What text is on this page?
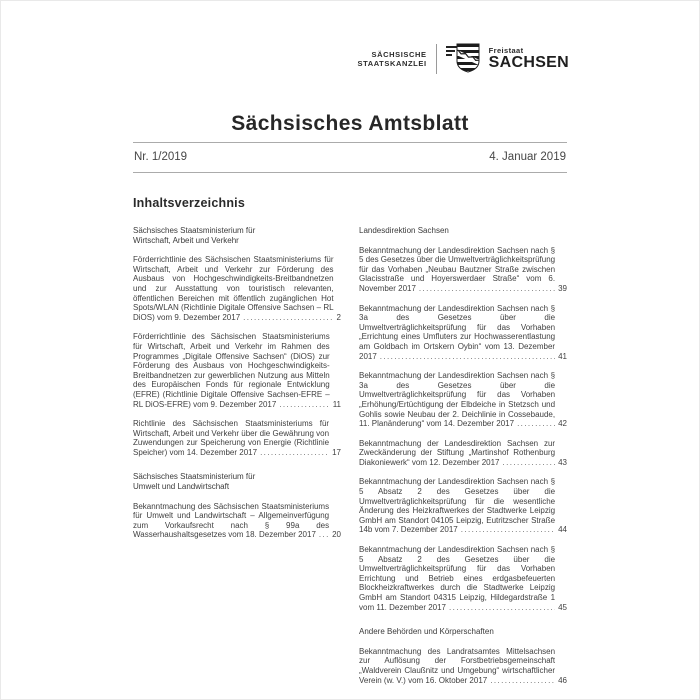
SÄCHSISCHE
STAATSKANZLEI
Freistaat
SACHSEN
Sächsisches Amtsblatt
Nr. 1/2019	4. Januar 2019
Inhaltsverzeichnis
Sächsisches Staatsministerium für
Wirtschaft, Arbeit und Verkehr
Förderrichtlinie des Sächsischen Staatsministeriums für Wirtschaft, Arbeit und Verkehr zur Förderung des Ausbaus von Hochgeschwindigkeits-Breitbandnetzen und zur Ausstattung von touristisch relevanten, öffentlichen Bereichen mit öffentlich zugänglichen Hot Spots/WLAN (Richtlinie Digitale Offensive Sachsen – RL DiOS) vom 9. Dezember 2017 .....	2
Förderrichtlinie des Sächsischen Staatsministeriums für Wirtschaft, Arbeit und Verkehr im Rahmen des Programmes „Digitale Offensive Sachsen“ (DiOS) zur Förderung des Ausbaus von Hochgeschwindigkeits-Breitbandnetzen zur gewerblichen Nutzung aus Mitteln des Europäischen Fonds für regionale Entwicklung (EFRE) (Richtlinie Digitale Offensive Sachsen-EFRE – RL DiOS-EFRE) vom 9. Dezember 2017 .....	11
Richtlinie des Sächsischen Staatsministeriums für Wirtschaft, Arbeit und Verkehr über die Gewährung von Zuwendungen zur Speicherung von Energie (Richtlinie Speicher) vom 14. Dezember 2017 .....	17
Sächsisches Staatsministerium für
Umwelt und Landwirtschaft
Bekanntmachung des Sächsischen Staatsministeriums für Umwelt und Landwirtschaft – Allgemeinverfügung zum Vorkaufsrecht nach § 99a des Wasserhaushaltsgesetzes vom 18. Dezember 2017 .....	20
Landesdirektion Sachsen
Bekanntmachung der Landesdirektion Sachsen nach § 5 des Gesetzes über die Umweltverträglichkeitsprüfung für das Vorhaben „Neubau Bautzner Straße zwischen Glacisstraße und Hoyerswerdaer Straße“ vom 6. November 2017 .....	39
Bekanntmachung der Landesdirektion Sachsen nach § 3a des Gesetzes über die Umweltverträglichkeitsprüfung für das Vorhaben „Errichtung eines Umfluters zur Hochwasserentlastung am Goldbach im Ortskern Oybin“ vom 13. Dezember 2017 .....	41
Bekanntmachung der Landesdirektion Sachsen nach § 3a des Gesetzes über die Umweltverträglichkeitsprüfung für das Vorhaben „Erhöhung/Ertüchtigung der Elbdeiche in Stetzsch und Gohlis sowie Neubau der 2. Deichlinie in Cossebaude, 11. Planänderung“ vom 14. Dezember 2017 .....	42
Bekanntmachung der Landesdirektion Sachsen zur Zweckänderung der Stiftung „Martinshof Rothenburg Diakoniewerk“ vom 12. Dezember 2017 .....	43
Bekanntmachung der Landesdirektion Sachsen nach § 5 Absatz 2 des Gesetzes über die Umweltverträglichkeitsprüfung für die wesentliche Änderung des Heizkraftwerkes der Stadtwerke Leipzig GmbH am Standort 04105 Leipzig, Eutritzscher Straße 14b vom 7. Dezember 2017 .....	44
Bekanntmachung der Landesdirektion Sachsen nach § 5 Absatz 2 des Gesetzes über die Umweltverträglichkeitsprüfung für das Vorhaben Errichtung und Betrieb eines erdgasbefeuerten Blockheizkraftwerkes durch die Stadtwerke Leipzig GmbH am Standort 04315 Leipzig, Hildegardstraße 1 vom 11. Dezember 2017 .....	45
Andere Behörden und Körperschaften
Bekanntmachung des Landratsamtes Mittelsachsen zur Auflösung der Forstbetriebsgemeinschaft „Waldverein Claußnitz und Umgebung“ wirtschaftlicher Verein (w. V.) vom 16. Oktober 2017 .....	46
